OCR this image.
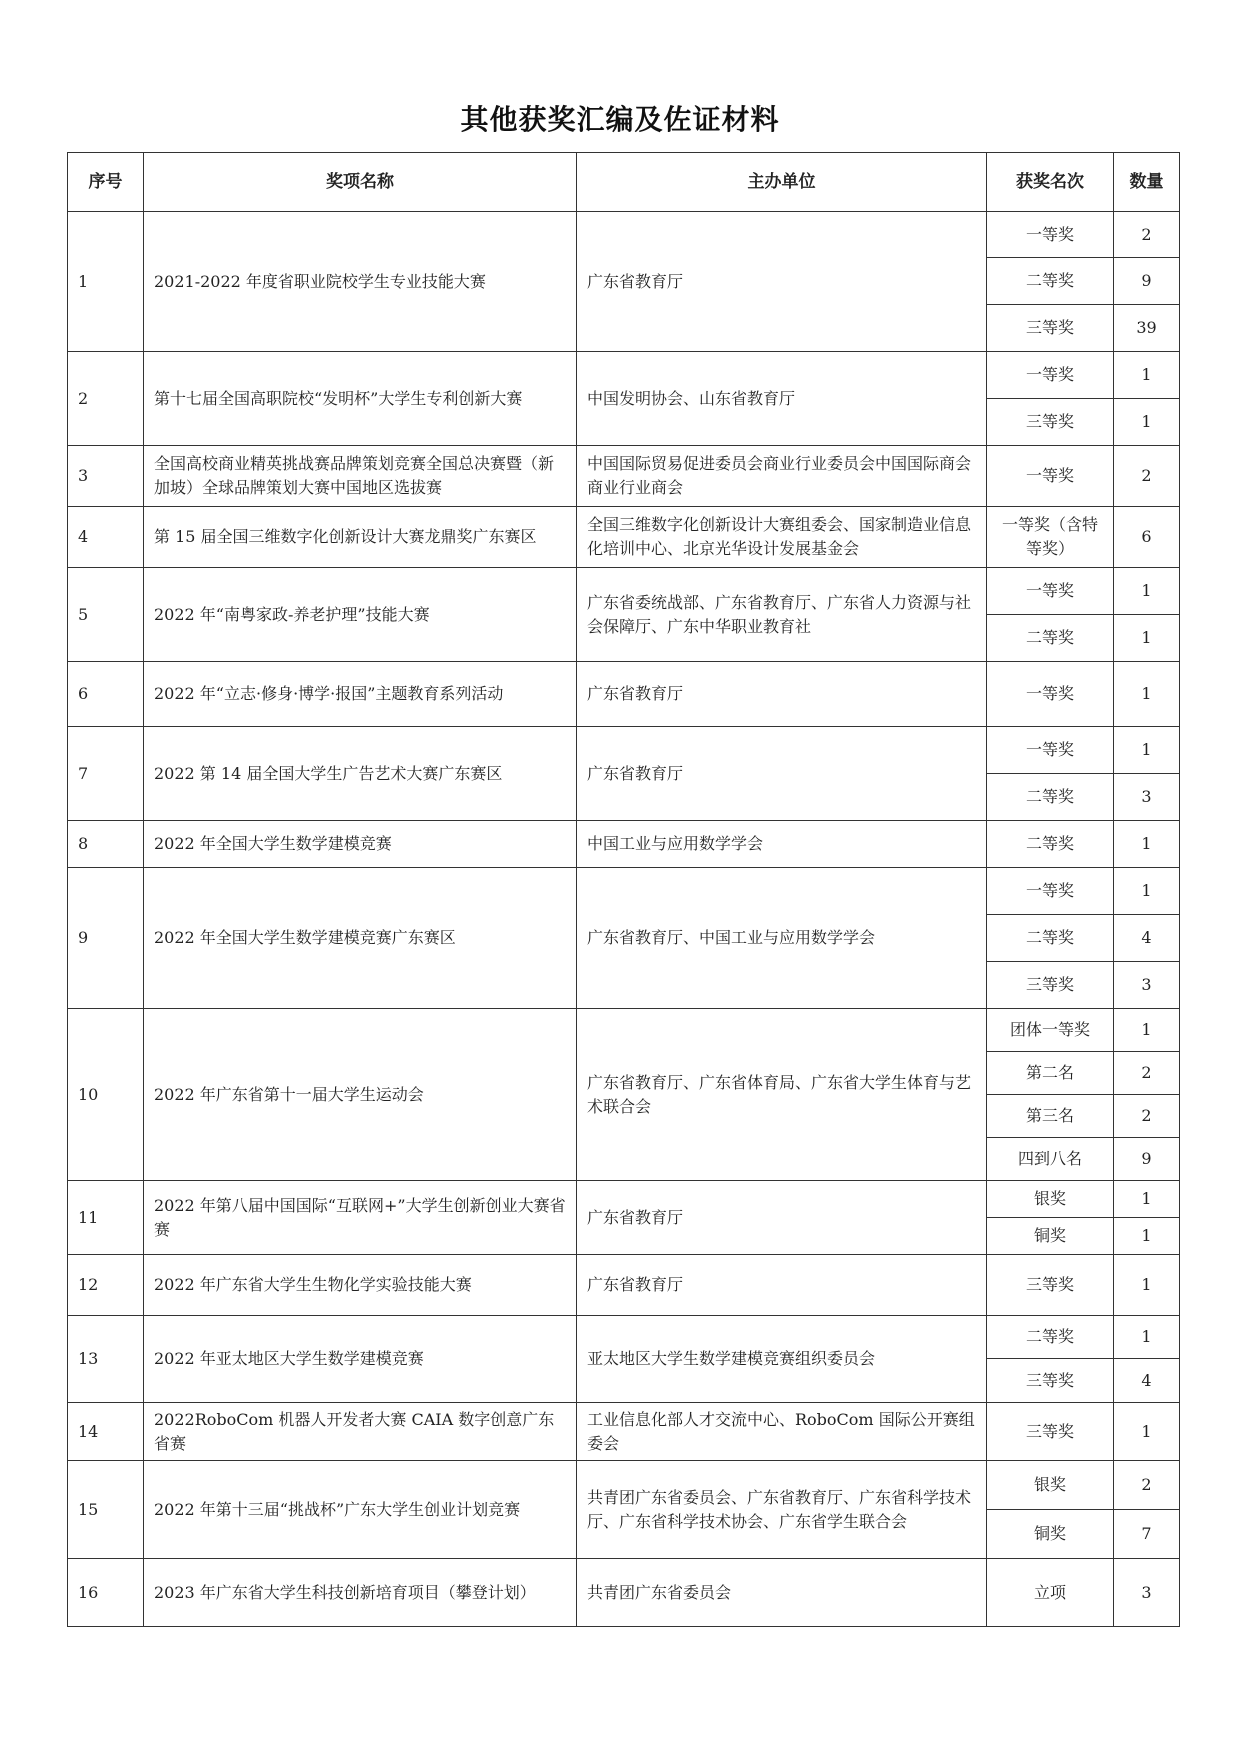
其他获奖汇编及佐证材料
序号	奖项名称	主办单位	获奖名次	数量
1	2021-2022 年度省职业院校学生专业技能大赛	广东省教育厅	一等奖	2
			二等奖	9
			三等奖	39
2	第十七届全国高职院校“发明杯”大学生专利创新大赛	中国发明协会、山东省教育厅	一等奖	1
			三等奖	1
3	全国高校商业精英挑战赛品牌策划竞赛全国总决赛暨（新加坡）全球品牌策划大赛中国地区选拔赛	中国国际贸易促进委员会商业行业委员会中国国际商会商业行业商会	一等奖	2
4	第 15 届全国三维数字化创新设计大赛龙鼎奖广东赛区	全国三维数字化创新设计大赛组委会、国家制造业信息化培训中心、北京光华设计发展基金会	一等奖（含特等奖）	6
5	2022 年“南粤家政-养老护理”技能大赛	广东省委统战部、广东省教育厅、广东省人力资源与社会保障厅、广东中华职业教育社	一等奖	1
			二等奖	1
6	2022 年“立志·修身·博学·报国”主题教育系列活动	广东省教育厅	一等奖	1
7	2022 第 14 届全国大学生广告艺术大赛广东赛区	广东省教育厅	一等奖	1
			二等奖	3
8	2022 年全国大学生数学建模竞赛	中国工业与应用数学学会	二等奖	1
9	2022 年全国大学生数学建模竞赛广东赛区	广东省教育厅、中国工业与应用数学学会	一等奖	1
			二等奖	4
			三等奖	3
10	2022 年广东省第十一届大学生运动会	广东省教育厅、广东省体育局、广东省大学生体育与艺术联合会	团体一等奖	1
			第二名	2
			第三名	2
			四到八名	9
11	2022 年第八届中国国际“互联网+”大学生创新创业大赛省赛	广东省教育厅	银奖	1
			铜奖	1
12	2022 年广东省大学生生物化学实验技能大赛	广东省教育厅	三等奖	1
13	2022 年亚太地区大学生数学建模竞赛	亚太地区大学生数学建模竞赛组织委员会	二等奖	1
			三等奖	4
14	2022RoboCom 机器人开发者大赛 CAIA 数字创意广东省赛	工业信息化部人才交流中心、RoboCom 国际公开赛组委会	三等奖	1
15	2022 年第十三届“挑战杯”广东大学生创业计划竞赛	共青团广东省委员会、广东省教育厅、广东省科学技术厅、广东省科学技术协会、广东省学生联合会	银奖	2
			铜奖	7
16	2023 年广东省大学生科技创新培育项目（攀登计划）	共青团广东省委员会	立项	3
